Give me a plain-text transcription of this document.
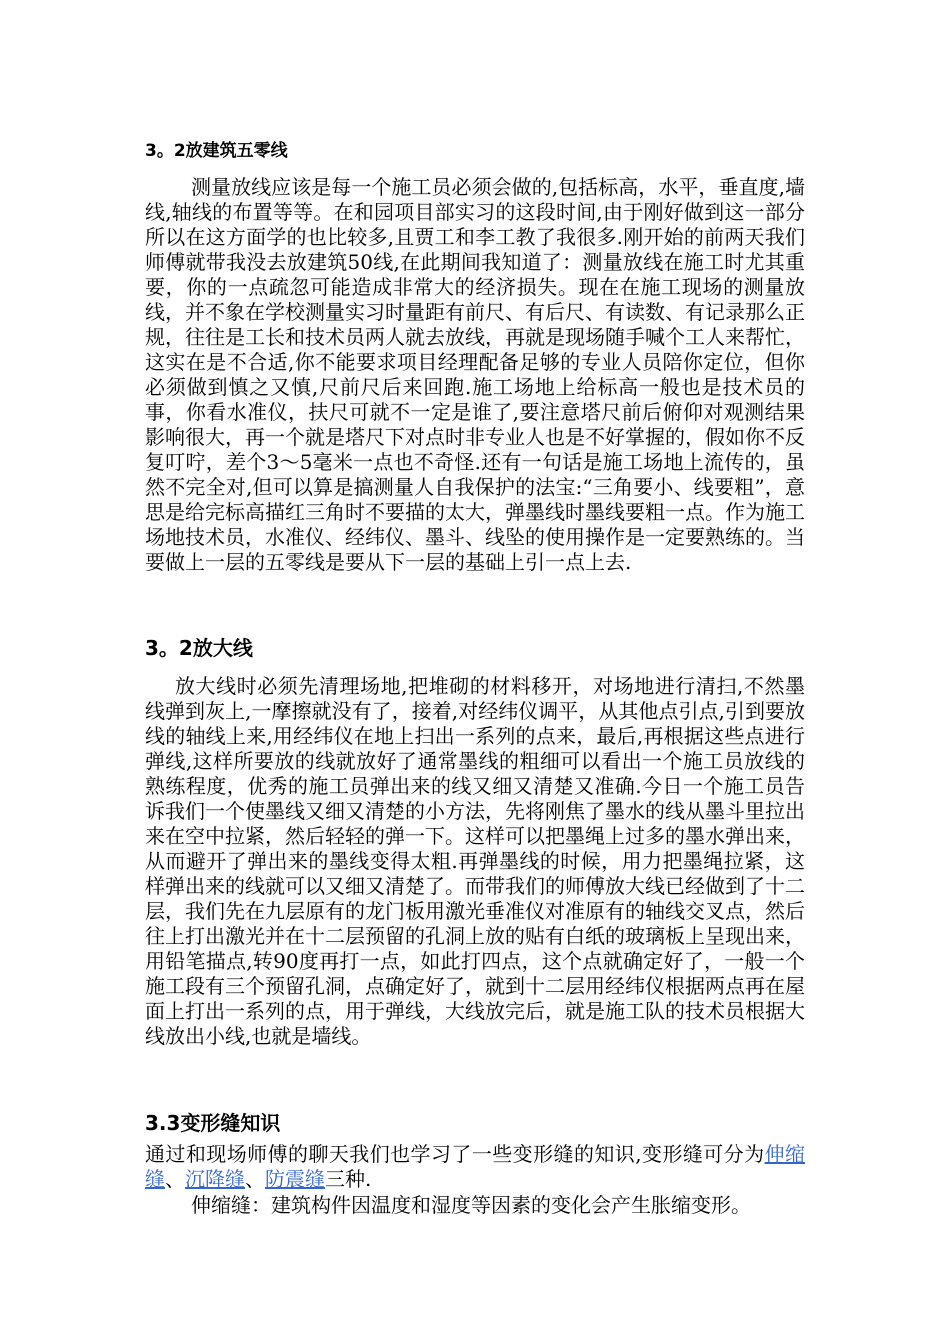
3。2放建筑五零线
测量放线应该是每一个施工员必须会做的,包括标高，水平，垂直度,墙线,轴线的布置等等。在和园项目部实习的这段时间,由于刚好做到这一部分所以在这方面学的也比较多,且贾工和李工教了我很多.刚开始的前两天我们师傅就带我没去放建筑50线,在此期间我知道了：测量放线在施工时尤其重要，你的一点疏忽可能造成非常大的经济损失。现在在施工现场的测量放线，并不象在学校测量实习时量距有前尺、有后尺、有读数、有记录那么正规，往往是工长和技术员两人就去放线，再就是现场随手喊个工人来帮忙，这实在是不合适,你不能要求项目经理配备足够的专业人员陪你定位，但你必须做到慎之又慎,尺前尺后来回跑.施工场地上给标高一般也是技术员的事，你看水准仪，扶尺可就不一定是谁了,要注意塔尺前后俯仰对观测结果影响很大，再一个就是塔尺下对点时非专业人也是不好掌握的，假如你不反复叮咛，差个3～5毫米一点也不奇怪.还有一句话是施工场地上流传的，虽然不完全对,但可以算是搞测量人自我保护的法宝:“三角要小、线要粗”，意思是给完标高描红三角时不要描的太大，弹墨线时墨线要粗一点。作为施工场地技术员，水准仪、经纬仪、墨斗、线坠的使用操作是一定要熟练的。当要做上一层的五零线是要从下一层的基础上引一点上去.
3。2放大线
放大线时必须先清理场地,把堆砌的材料移开，对场地进行清扫,不然墨线弹到灰上,一摩擦就没有了，接着,对经纬仪调平，从其他点引点,引到要放线的轴线上来,用经纬仪在地上扫出一系列的点来，最后,再根据这些点进行弹线,这样所要放的线就放好了通常墨线的粗细可以看出一个施工员放线的熟练程度，优秀的施工员弹出来的线又细又清楚又准确.今日一个施工员告诉我们一个使墨线又细又清楚的小方法，先将刚焦了墨水的线从墨斗里拉出来在空中拉紧，然后轻轻的弹一下。这样可以把墨绳上过多的墨水弹出来，从而避开了弹出来的墨线变得太粗.再弹墨线的时候，用力把墨绳拉紧，这样弹出来的线就可以又细又清楚了。而带我们的师傅放大线已经做到了十二层，我们先在九层原有的龙门板用激光垂准仪对准原有的轴线交叉点，然后往上打出激光并在十二层预留的孔洞上放的贴有白纸的玻璃板上呈现出来，用铅笔描点,转90度再打一点，如此打四点，这个点就确定好了，一般一个施工段有三个预留孔洞，点确定好了，就到十二层用经纬仪根据两点再在屋面上打出一系列的点，用于弹线，大线放完后，就是施工队的技术员根据大线放出小线,也就是墙线。
3.3变形缝知识
通过和现场师傅的聊天我们也学习了一些变形缝的知识,变形缝可分为伸缩缝、沉降缝、防震缝三种.
伸缩缝：建筑构件因温度和湿度等因素的变化会产生胀缩变形。
